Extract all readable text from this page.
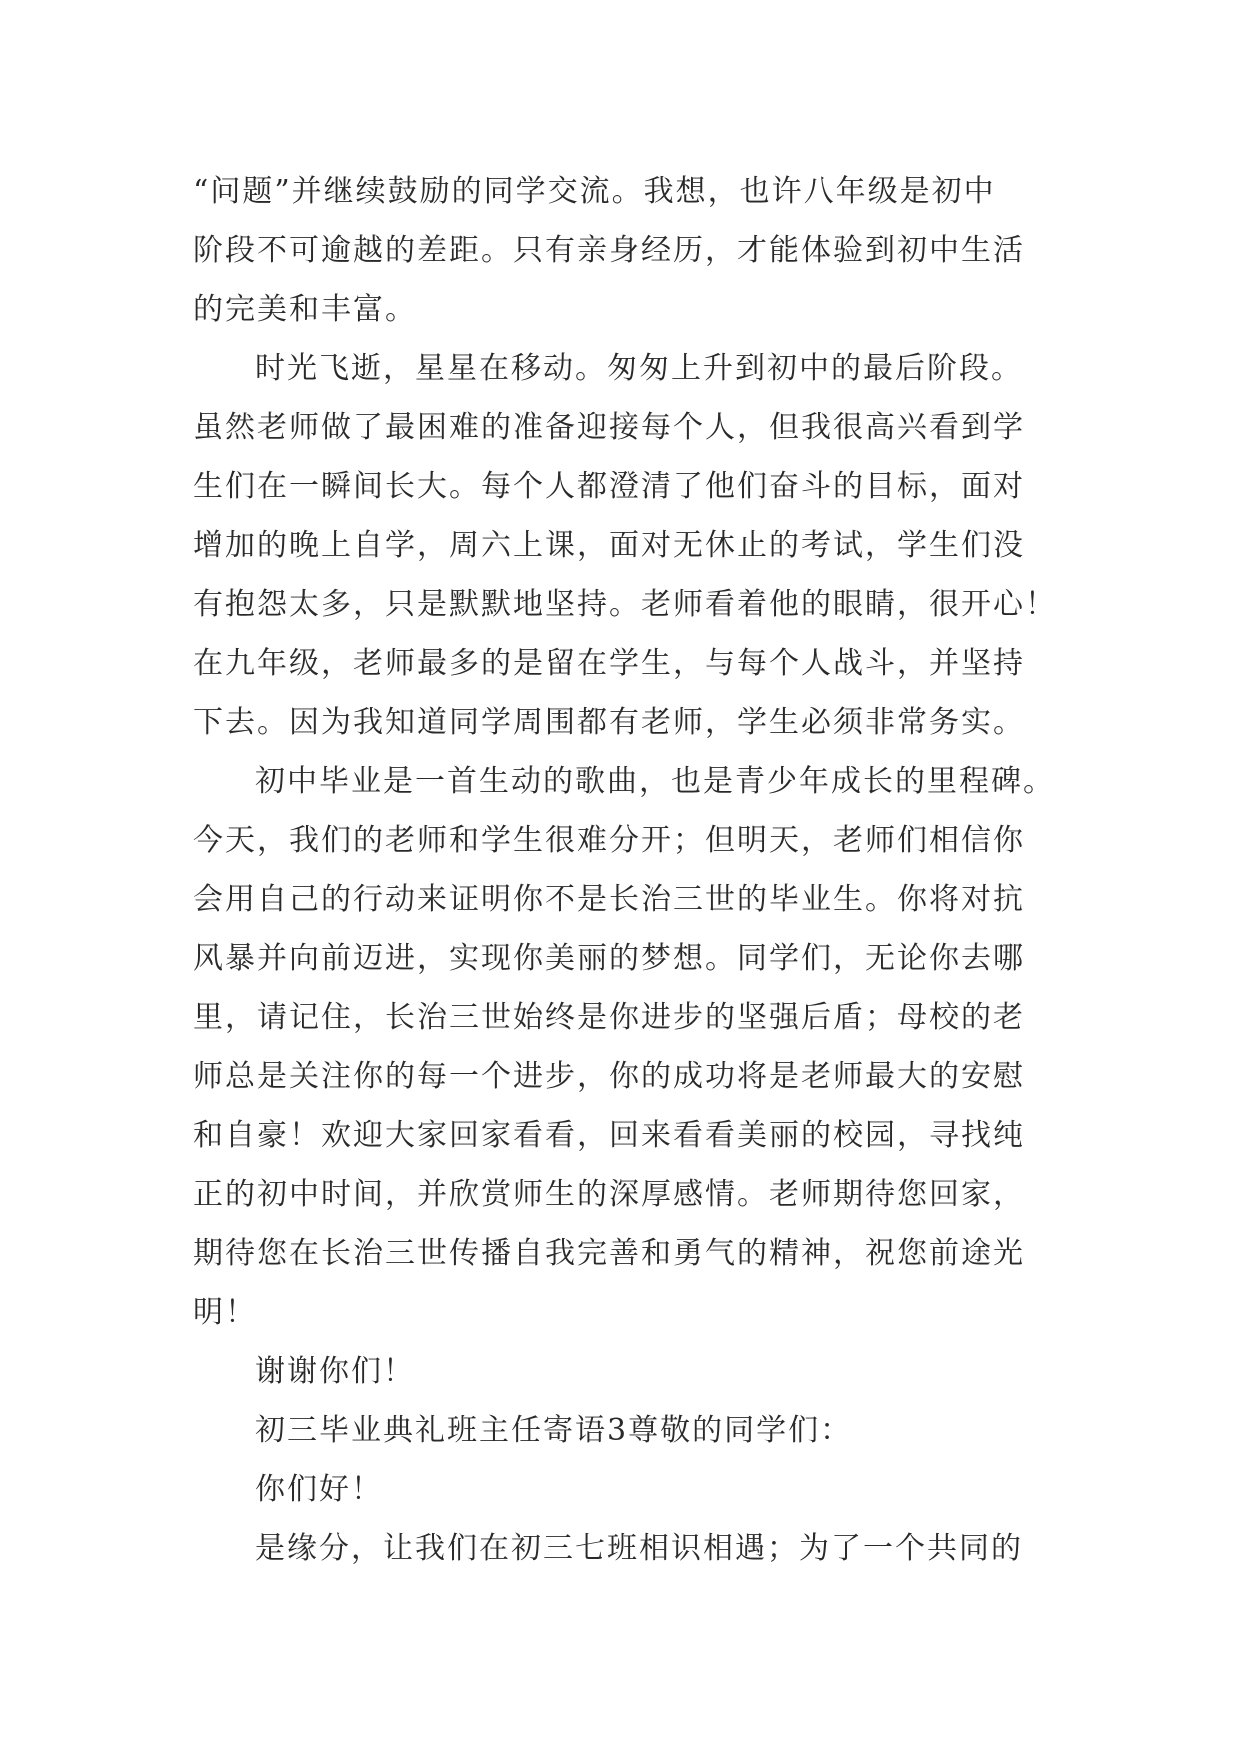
“问题”并继续鼓励的同学交流。我想，也许八年级是初中
阶段不可逾越的差距。只有亲身经历，才能体验到初中生活
的完美和丰富。

时光飞逝，星星在移动。匆匆上升到初中的最后阶段。
虽然老师做了最困难的准备迎接每个人，但我很高兴看到学
生们在一瞬间长大。每个人都澄清了他们奋斗的目标，面对
增加的晚上自学，周六上课，面对无休止的考试，学生们没
有抱怨太多，只是默默地坚持。老师看着他的眼睛，很开心！
在九年级，老师最多的是留在学生，与每个人战斗，并坚持
下去。因为我知道同学周围都有老师，学生必须非常务实。

初中毕业是一首生动的歌曲，也是青少年成长的里程碑。
今天，我们的老师和学生很难分开；但明天，老师们相信你
会用自己的行动来证明你不是长治三世的毕业生。你将对抗
风暴并向前迈进，实现你美丽的梦想。同学们，无论你去哪
里，请记住，长治三世始终是你进步的坚强后盾；母校的老
师总是关注你的每一个进步，你的成功将是老师最大的安慰
和自豪！欢迎大家回家看看，回来看看美丽的校园，寻找纯
正的初中时间，并欣赏师生的深厚感情。老师期待您回家，
期待您在长治三世传播自我完善和勇气的精神，祝您前途光
明！

谢谢你们！

初三毕业典礼班主任寄语3尊敬的同学们：

你们好！

是缘分，让我们在初三七班相识相遇；为了一个共同的
